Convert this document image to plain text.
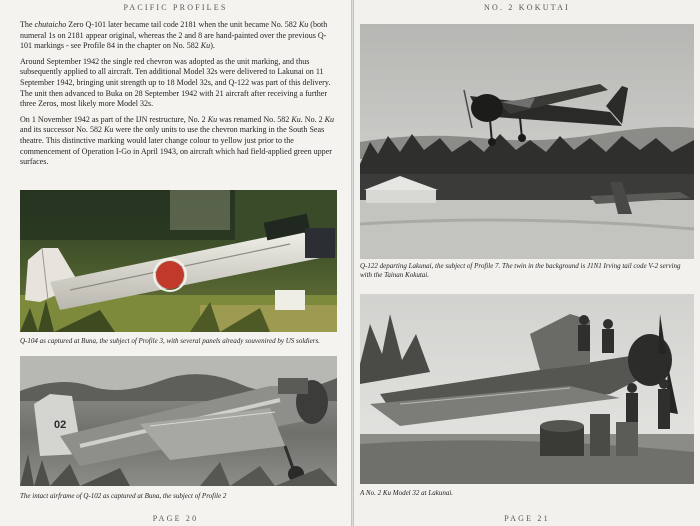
PACIFIC PROFILES

The chutaicho Zero Q-101 later became tail code 2181 when the unit became No. 582 Ku (both numeral 1s on 2181 appear original, whereas the 2 and 8 are hand-painted over the previous Q-101 markings - see Profile 84 in the chapter on No. 582 Ku).

Around September 1942 the single red chevron was adopted as the unit marking, and thus subsequently applied to all aircraft. Ten additional Model 32s were delivered to Lakunai on 11 September 1942, bringing unit strength up to 18 Model 32s, and Q-122 was part of this delivery. The unit then advanced to Buka on 28 September 1942 with 21 aircraft after receiving a further three Zeros, most likely more Model 32s.

On 1 November 1942 as part of the IJN restructure, No. 2 Ku was renamed No. 582 Ku. No. 2 Ku and its successor No. 582 Ku were the only units to use the chevron marking in the South Seas theatre. This distinctive marking would later change colour to yellow just prior to the commencement of Operation I-Go in April 1943, on aircraft which had field-applied green upper surfaces.

Q-104 as captured at Buna, the subject of Profile 3, with several panels already souvenired by US soldiers.
02
The intact airframe of Q-102 as captured at Buna, the subject of Profile 2
PAGE 20
NO. 2 KOKUTAI
Q-122 departing Lakunai, the subject of Profile 7. The twin in the background is J1N1 Irving tail code V-2 serving with the Tainan Kokutai.
A No. 2 Ku Model 32 at Lakunai.
PAGE 21
